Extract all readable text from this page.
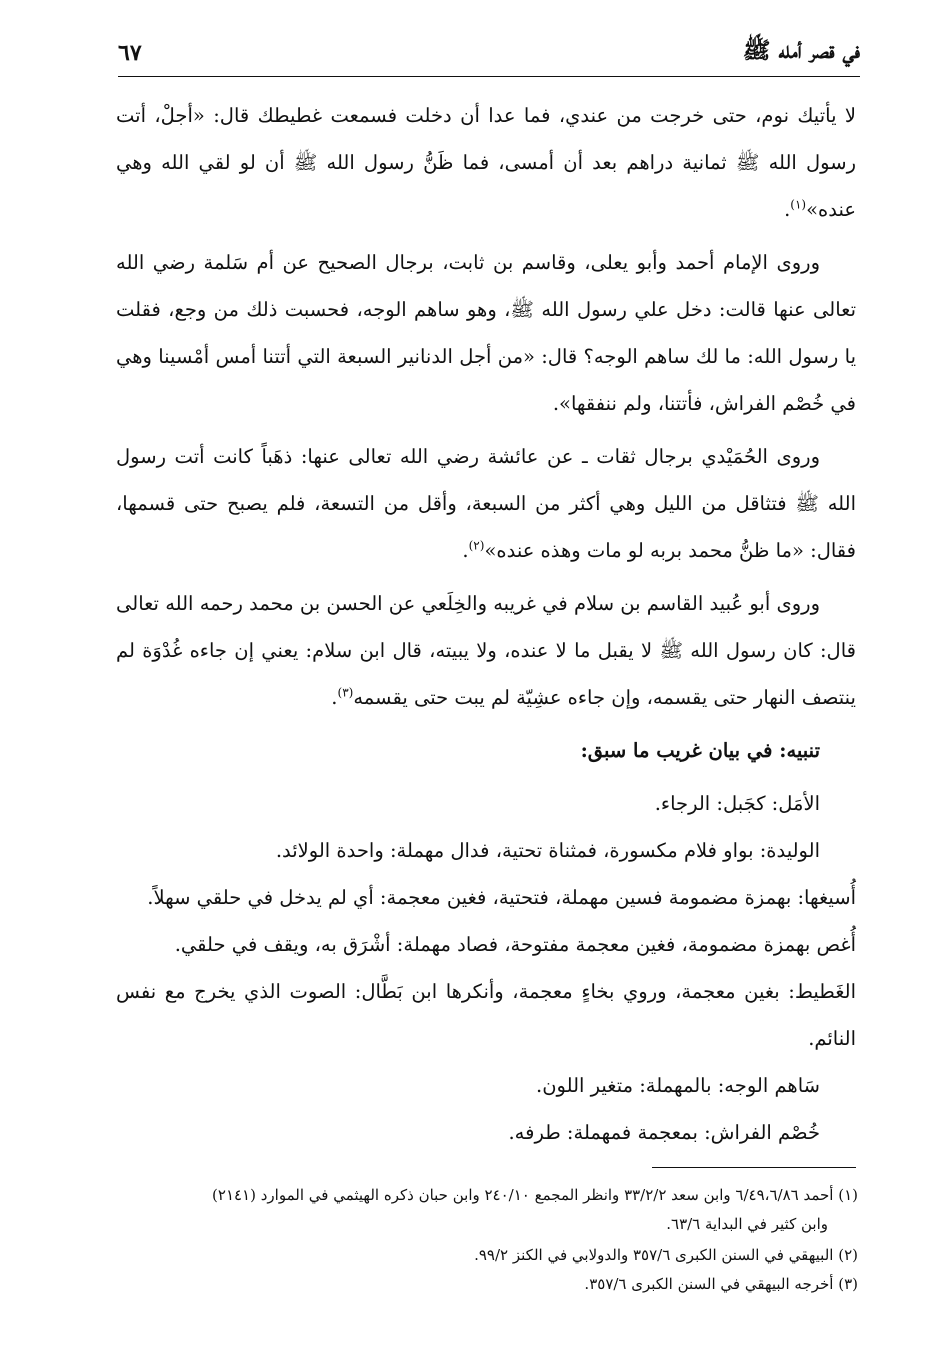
في قصر أمله ﷺ
٦٧

لا يأتيك نوم، حتى خرجت من عندي، فما عدا أن دخلت فسمعت غطيطك قال: «أجلْ، أتت رسول الله ﷺ ثمانية دراهم بعد أن أمسى، فما ظَنُّ رسول الله ﷺ أن لو لقي الله وهي عنده»$^{(١)}$.

وروى الإمام أحمد وأبو يعلى، وقاسم بن ثابت، برجال الصحيح عن أم سَلمة رضي الله تعالى عنها قالت: دخل علي رسول الله ﷺ، وهو ساهم الوجه، فحسبت ذلك من وجع، فقلت يا رسول الله: ما لك ساهم الوجه؟ قال: «من أجل الدنانير السبعة التي أتتنا أمس أمْسينا وهي في خُصْم الفراش، فأتتنا، ولم ننفقها».

وروى الحُمَيْدي برجال ثقات ـ عن عائشة رضي الله تعالى عنها: ذهَباً كانت أتت رسول الله ﷺ فتثاقل من الليل وهي أكثر من السبعة، وأقل من التسعة، فلم يصبح حتى قسمها، فقال: «ما ظنُّ محمد بربه لو مات وهذه عنده»$^{(٢)}$.

وروى أبو عُبيد القاسم بن سلام في غريبه والخِلَعي عن الحسن بن محمد رحمه الله تعالى قال: كان رسول الله ﷺ لا يقبل ما لا عنده، ولا يبيته، قال ابن سلام: يعني إن جاءه غُدْوَة لم ينتصف النهار حتى يقسمه، وإن جاءه عشِيّة لم يبت حتى يقسمه$^{(٣)}$.

تنبيه: في بيان غريب ما سبق:

الأمَل: كجَبل: الرجاء.

الوليدة: بواو فلام مكسورة، فمثناة تحتية، فدال مهملة: واحدة الولائد.

أُسيغها: بهمزة مضمومة فسين مهملة، فتحتية، فغين معجمة: أي لم يدخل في حلقي سهلاً.

أُغص بهمزة مضمومة، فغين معجمة مفتوحة، فصاد مهملة: أشْرَق به، ويقف في حلقي.

الغَطيط: بغين معجمة، وروي بخاءٍ معجمة، وأنكرها ابن بَطَّال: الصوت الذي يخرج مع نفس النائم.

سَاهم الوجه: بالمهملة: متغير اللون.

خُصْم الفراش: بمعجمة فمهملة: طرفه.

(١) أحمد ٦/٤٩،٦/٨٦ وابن سعد ٣٣/٢/٢ وانظر المجمع ٢٤٠/١٠ وابن حبان ذكره الهيثمي في الموارد (٢١٤١)

وابن كثير في البداية ٦٣/٦.

(٢) البيهقي في السنن الكبرى ٣٥٧/٦ والدولابي في الكنز ٩٩/٢.

(٣) أخرجه البيهقي في السنن الكبرى ٣٥٧/٦.
